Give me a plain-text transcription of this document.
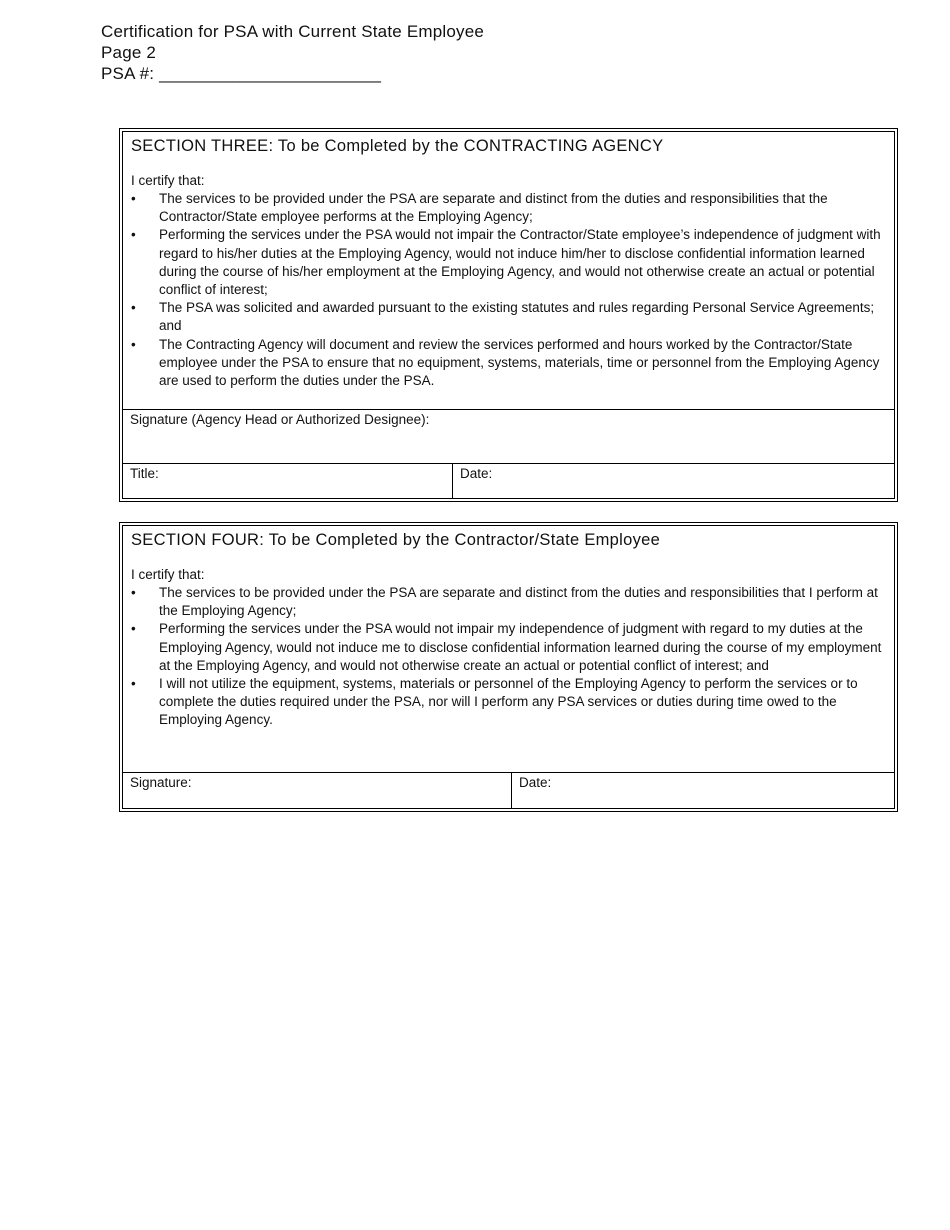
Certification for PSA with Current State Employee
Page 2
PSA #: _______________________
SECTION THREE: To be Completed by the CONTRACTING AGENCY
I certify that:
•	The services to be provided under the PSA are separate and distinct from the duties and responsibilities that the Contractor/State employee performs at the Employing Agency;
•	Performing the services under the PSA would not impair the Contractor/State employee’s independence of judgment with regard to his/her duties at the Employing Agency, would not induce him/her to disclose confidential information learned during the course of his/her employment at the Employing Agency, and would not otherwise create an actual or potential conflict of interest;
•	The PSA was solicited and awarded pursuant to the existing statutes and rules regarding Personal Service Agreements; and
•	The Contracting Agency will document and review the services performed and hours worked by the Contractor/State employee under the PSA to ensure that no equipment, systems, materials, time or personnel from the Employing Agency are used to perform the duties under the PSA.
Signature (Agency Head or Authorized Designee):
Title:	Date:
SECTION FOUR: To be Completed by the Contractor/State Employee
I certify that:
•	The services to be provided under the PSA are separate and distinct from the duties and responsibilities that I perform at the Employing Agency;
•	Performing the services under the PSA would not impair my independence of judgment with regard to my duties at the Employing Agency, would not induce me to disclose confidential information learned during the course of my employment at the Employing Agency, and would not otherwise create an actual or potential conflict of interest; and
•	I will not utilize the equipment, systems, materials or personnel of the Employing Agency to perform the services or to complete the duties required under the PSA, nor will I perform any PSA services or duties during time owed to the Employing Agency.
Signature:	Date:
